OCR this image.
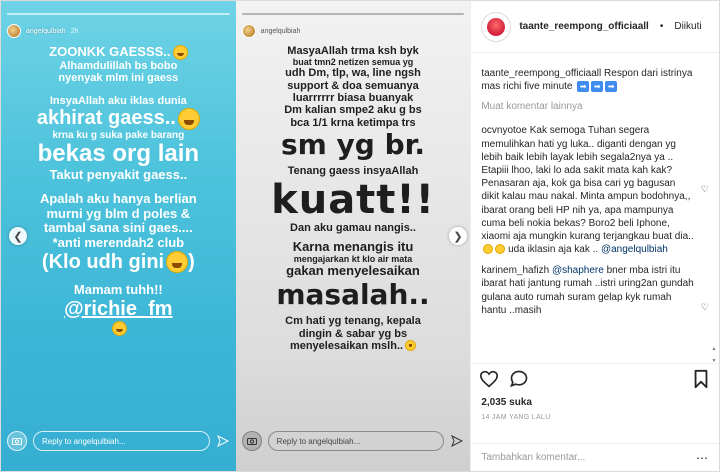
angelqulbiah 2h
ZOONKK GAESSS..
Alhamdulillah bs bobo
nyenyak mlm ini gaess
InsyaAllah aku iklas dunia
akhirat gaess..
krna ku g suka pake barang
bekas org lain
Takut penyakit gaess..
Apalah aku hanya berlian
murni yg blm d poles &
tambal sana sini gaes....
*anti merendah2 club
(Klo udh gini )
Mamam tuhh!!
@richie_fm
Reply to angelqulbiah...
angelqulbiah
MasyaAllah trma ksh byk
buat tmn2 netizen semua yg
udh Dm, tlp, wa, line ngsh
support & doa semuanya
luarrrrrr biasa buanyak
Dm kalian smpe2 aku g bs
bca 1/1 krna ketimpa trs
sm yg br.
Tenang gaess insyaAllah
kuatt!!
Dan aku gamau nangis..
Karna menangis itu
mengajarkan kt klo air mata
gakan menyelesaikan
masalah..
Cm hati yg tenang, kepala
dingin & sabar yg bs
menyelesaikan mslh..
Reply to angelqulbiah...
❮	❯
taante_reempong_officiaall • Diikuti
taante_reempong_officiaall Respon dari istrinya mas richi five minute ➡ ➡ ➡
Muat komentar lainnya
ocvnyotoe Kak semoga Tuhan segera memulihkan hati yg luka.. diganti dengan yg lebih baik lebih layak lebih segala2nya ya .. Etapiii lhoo, laki lo ada sakit mata kah kak? Penasaran aja, kok ga bisa cari yg bagusan dikit kalau mau nakal. Minta ampun bodohnya,, ibarat orang beli HP nih ya, apa mampunya cuma beli nokia bekas? Boro2 beli Iphone, xiaomi aja mungkin kurang terjangkau buat dia..  uda iklasin aja kak .. @angelqulbiah
♡
karinem_hafizh @shaphere bner mba istri itu ibarat hati jantung rumah ..istri uring2an gundah gulana auto rumah suram gelap kyk rumah hantu ..masih	♡
▲
▼
2,035 suka
14 JAM YANG LALU
Tambahkan komentar...
⋯
